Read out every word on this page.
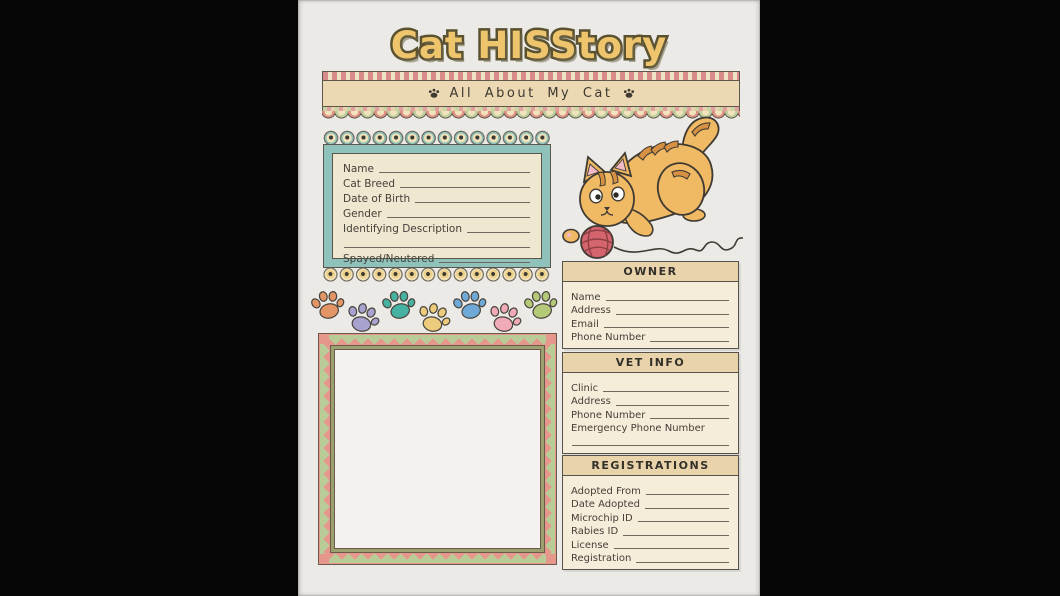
Cat HISStory
All About My Cat
Name
Cat Breed
Date of Birth
Gender
Identifying Description
Spayed/Neutered
OWNER
Name
Address
Email
Phone Number
VET INFO
Clinic
Address
Phone Number
Emergency Phone Number
REGISTRATIONS
Adopted From
Date Adopted
Microchip ID
Rabies ID
License
Registration
